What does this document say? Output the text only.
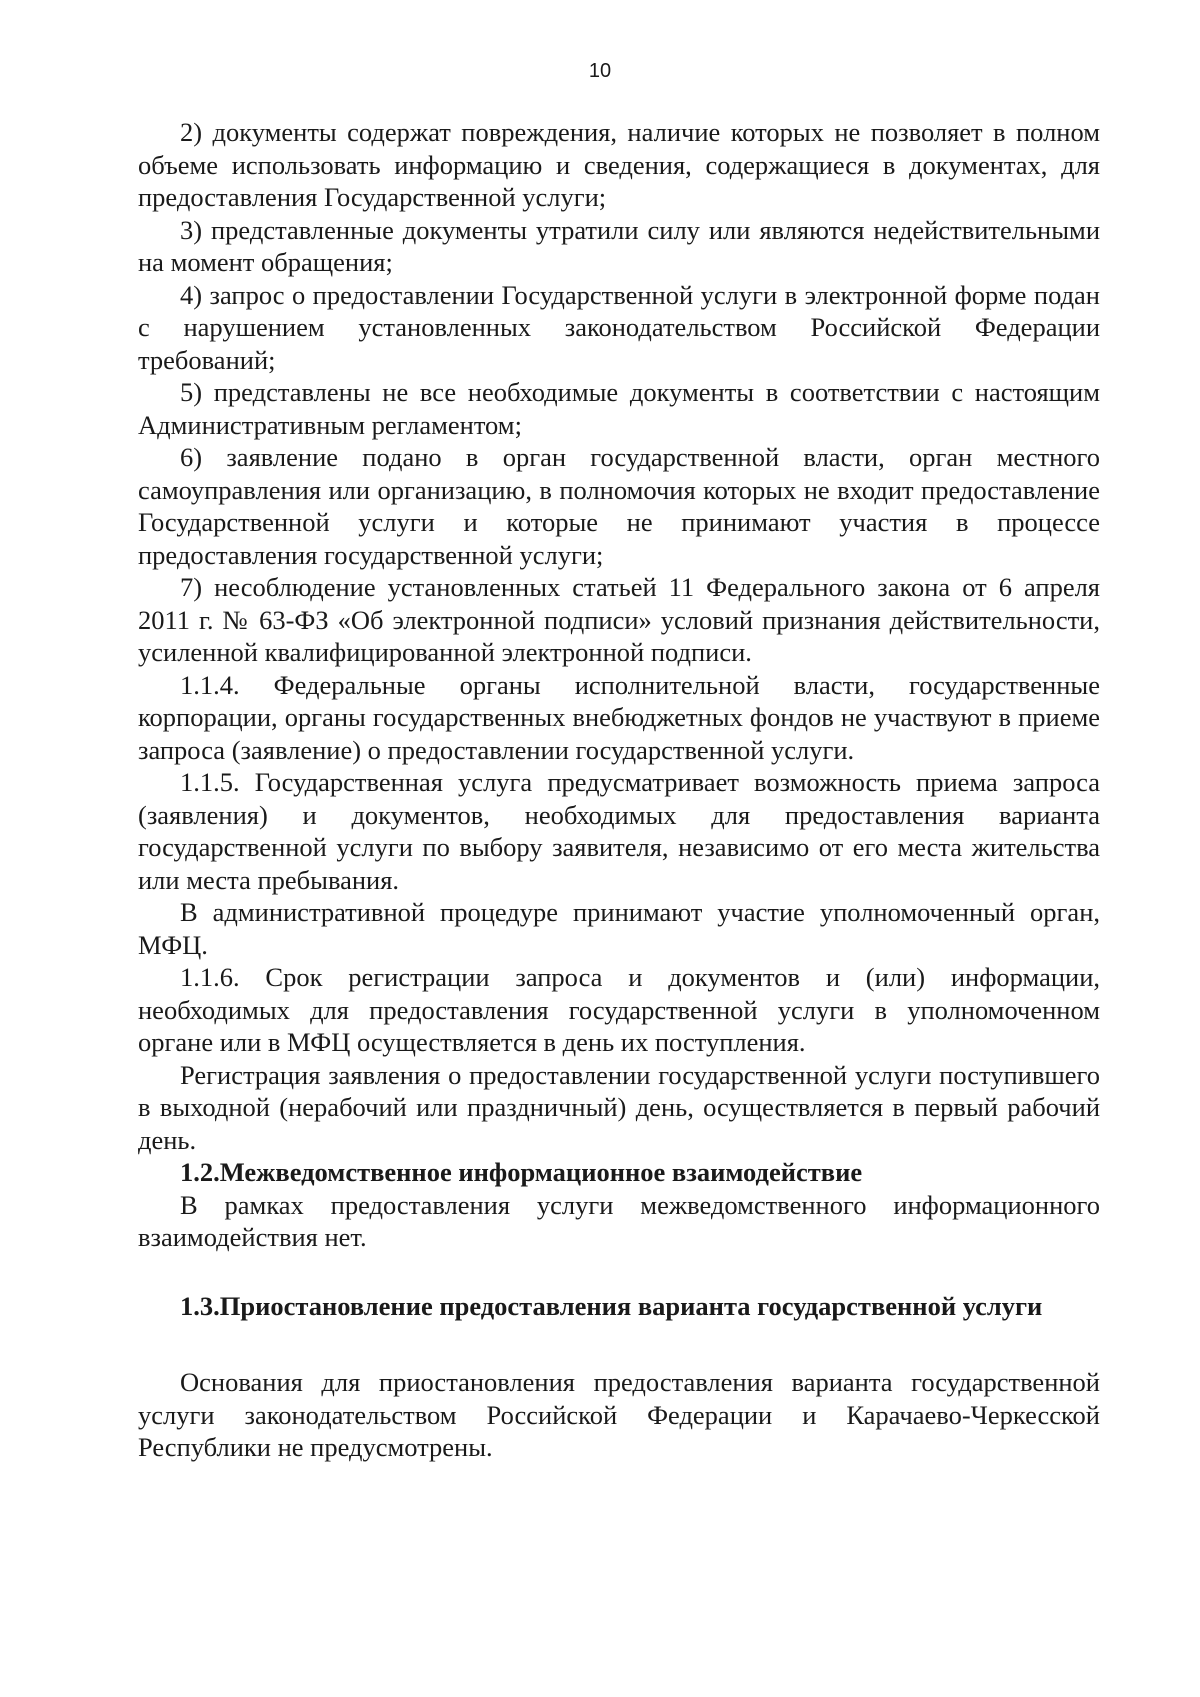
10

2) документы содержат повреждения, наличие которых не позволяет в полном объеме использовать информацию и сведения, содержащиеся в документах, для предоставления Государственной услуги;

3) представленные документы утратили силу или являются недействительными на момент обращения;

4) запрос о предоставлении Государственной услуги в электронной форме подан с нарушением установленных законодательством Российской Федерации требований;

5) представлены не все необходимые документы в соответствии с настоящим Административным регламентом;

6) заявление подано в орган государственной власти, орган местного самоуправления или организацию, в полномочия которых не входит предоставление Государственной услуги и которые не принимают участия в процессе предоставления государственной услуги;

7) несоблюдение установленных статьей 11 Федерального закона от 6 апреля 2011 г. № 63-ФЗ «Об электронной подписи» условий признания действительности, усиленной квалифицированной электронной подписи.

1.1.4. Федеральные органы исполнительной власти, государственные корпорации, органы государственных внебюджетных фондов не участвуют в приеме запроса (заявление) о предоставлении государственной услуги.

1.1.5. Государственная услуга предусматривает возможность приема запроса (заявления) и документов, необходимых для предоставления варианта государственной услуги по выбору заявителя, независимо от его места жительства или места пребывания.

В административной процедуре принимают участие уполномоченный орган, МФЦ.

1.1.6. Срок регистрации запроса и документов и (или) информации, необходимых для предоставления государственной услуги в уполномоченном органе или в МФЦ осуществляется в день их поступления.

Регистрация заявления о предоставлении государственной услуги поступившего в выходной (нерабочий или праздничный) день, осуществляется в первый рабочий день.

1.2.Межведомственное информационное взаимодействие

В рамках предоставления услуги межведомственного информационного взаимодействия нет.

1.3.Приостановление предоставления варианта государственной услуги

Основания для приостановления предоставления варианта государственной услуги законодательством Российской Федерации и Карачаево-Черкесской Республики не предусмотрены.
